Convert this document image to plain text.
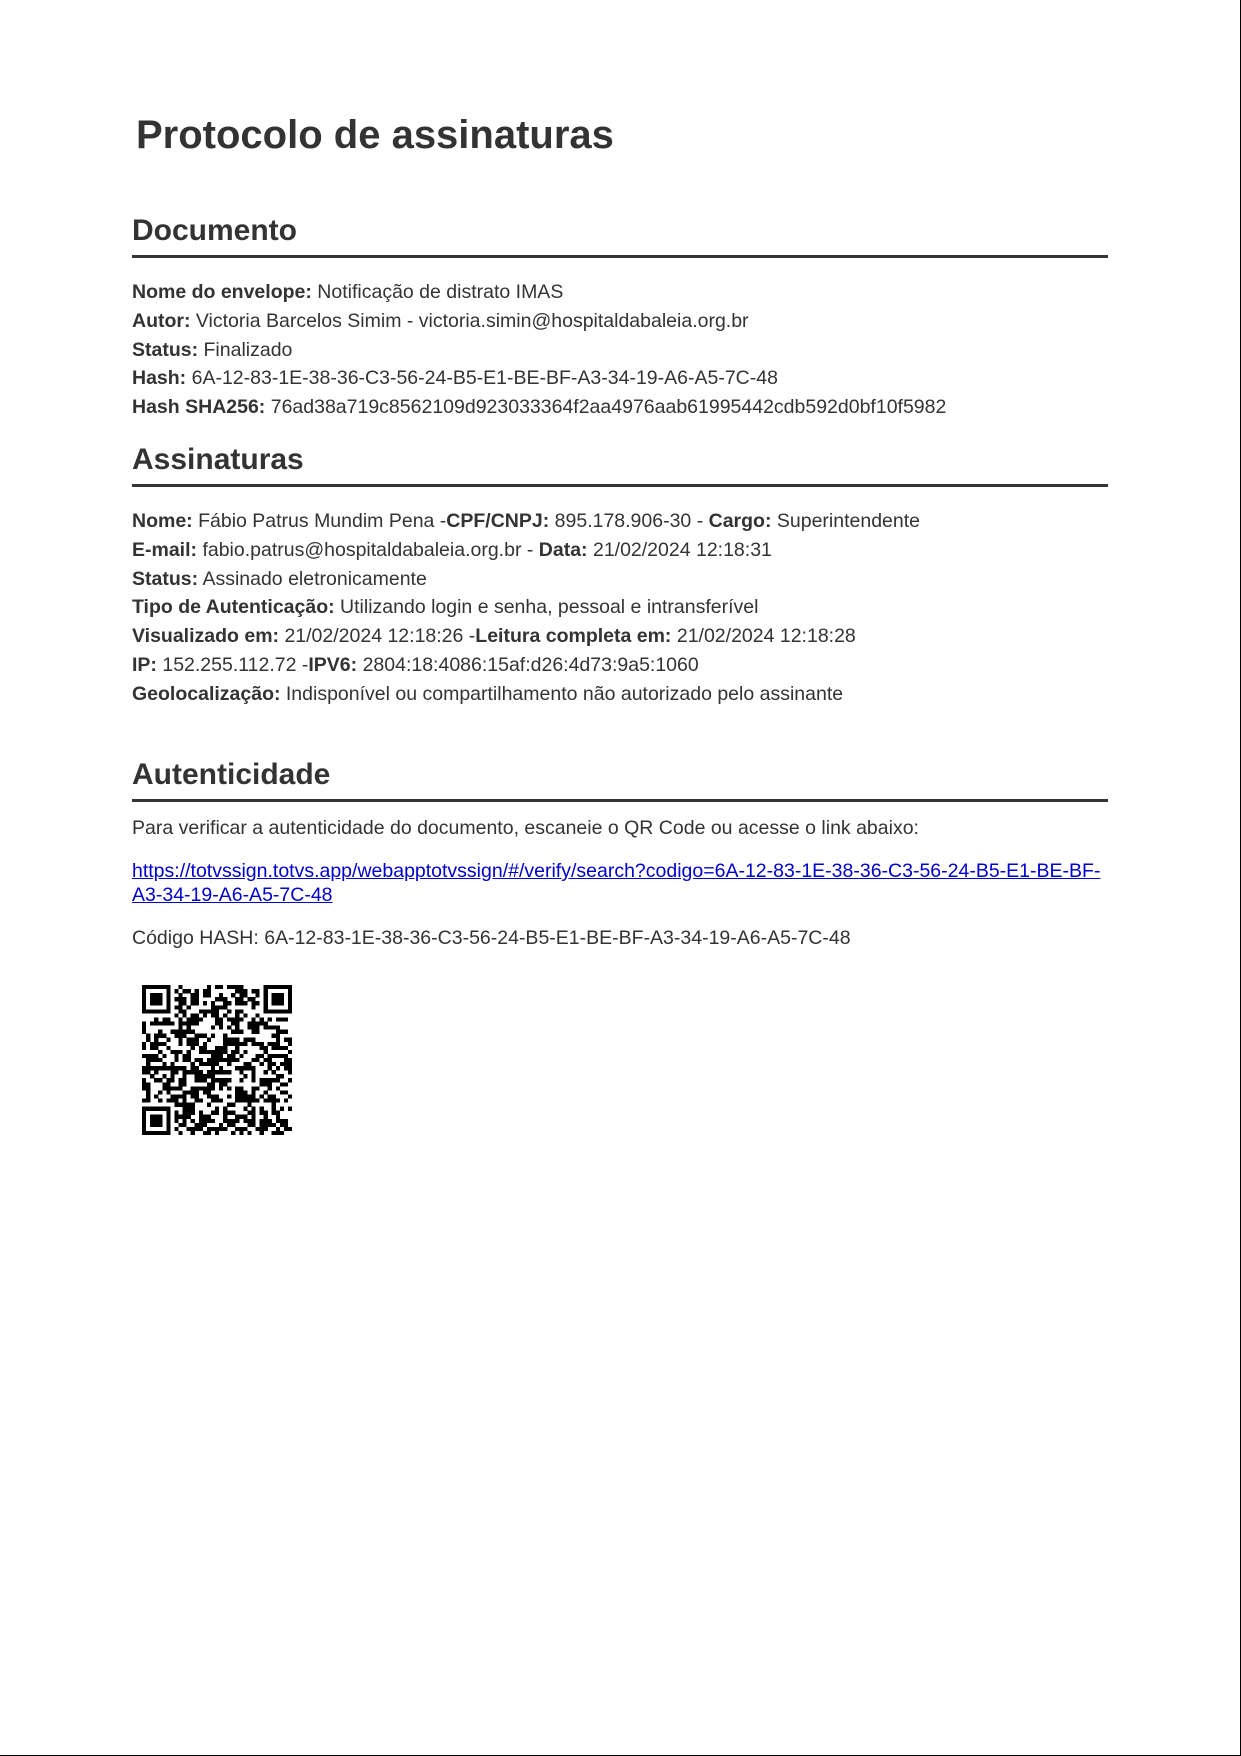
Protocolo de assinaturas
Documento
Nome do envelope: Notificação de distrato IMAS
Autor: Victoria Barcelos Simim - victoria.simin@hospitaldabaleia.org.br
Status: Finalizado
Hash: 6A-12-83-1E-38-36-C3-56-24-B5-E1-BE-BF-A3-34-19-A6-A5-7C-48
Hash SHA256: 76ad38a719c8562109d923033364f2aa4976aab61995442cdb592d0bf10f5982
Assinaturas
Nome: Fábio Patrus Mundim Pena -CPF/CNPJ: 895.178.906-30 - Cargo: Superintendente
E-mail: fabio.patrus@hospitaldabaleia.org.br - Data: 21/02/2024 12:18:31
Status: Assinado eletronicamente
Tipo de Autenticação: Utilizando login e senha, pessoal e intransferível
Visualizado em: 21/02/2024 12:18:26 -Leitura completa em: 21/02/2024 12:18:28
IP: 152.255.112.72 -IPV6: 2804:18:4086:15af:d26:4d73:9a5:1060
Geolocalização: Indisponível ou compartilhamento não autorizado pelo assinante
Autenticidade
Para verificar a autenticidade do documento, escaneie o QR Code ou acesse o link abaixo:
https://totvssign.totvs.app/webapptotvssign/#/verify/search?codigo=6A-12-83-1E-38-36-C3-56-24-B5-E1-BE-BF-A3-34-19-A6-A5-7C-48
Código HASH: 6A-12-83-1E-38-36-C3-56-24-B5-E1-BE-BF-A3-34-19-A6-A5-7C-48
